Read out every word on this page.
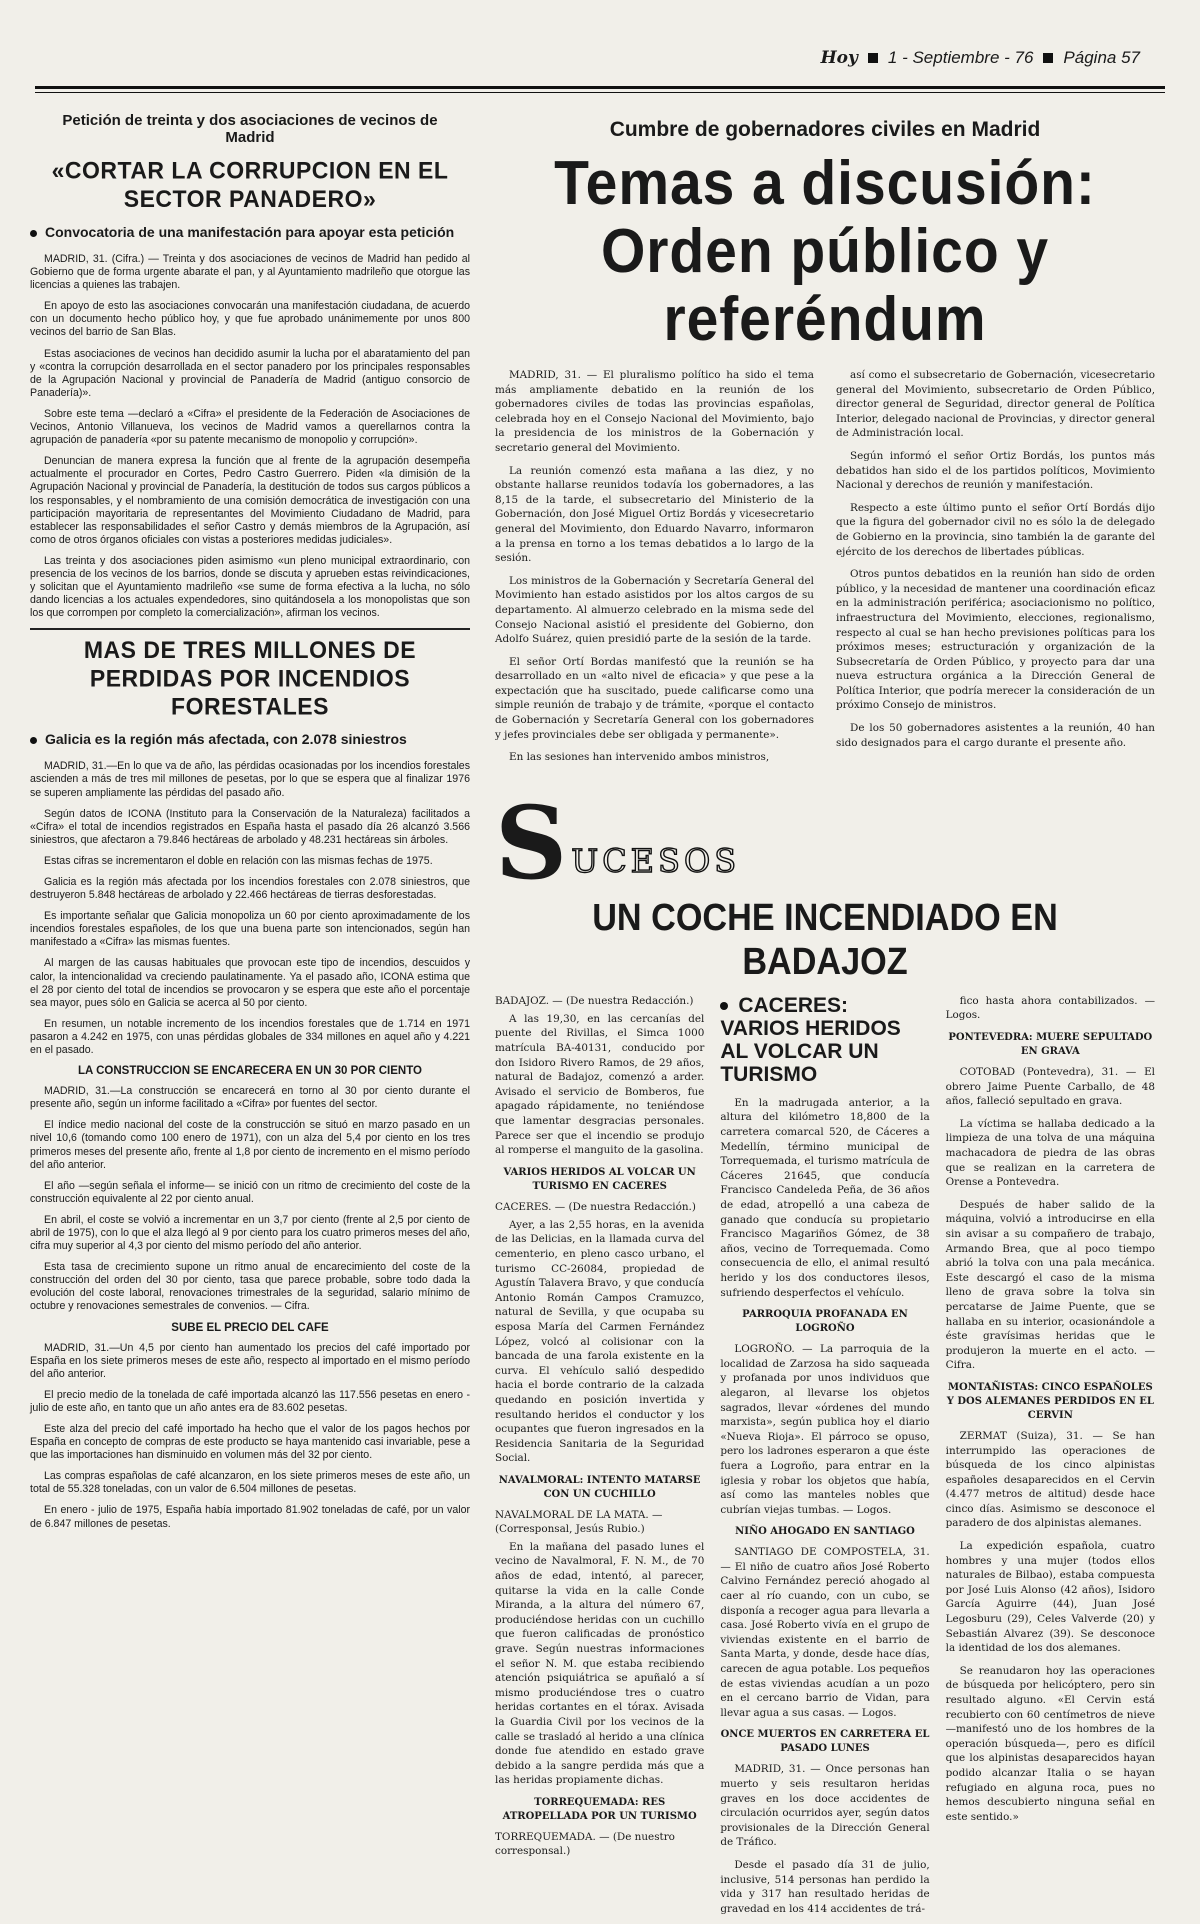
Hoy 1 - Septiembre - 76 Página 57
Petición de treinta y dos asociaciones de vecinos de Madrid
«CORTAR LA CORRUPCION EN EL SECTOR PANADERO»
Convocatoria de una manifestación para apoyar esta petición

MADRID, 31. (Cifra.) — Treinta y dos asociaciones de vecinos de Madrid han pedido al Gobierno que de forma urgente abarate el pan, y al Ayuntamiento madrileño que otorgue las licencias a quienes las trabajen.

En apoyo de esto las asociaciones convocarán una manifestación ciudadana, de acuerdo con un documento hecho público hoy, y que fue aprobado unánimemente por unos 800 vecinos del barrio de San Blas.

Estas asociaciones de vecinos han decidido asumir la lucha por el abaratamiento del pan y «contra la corrupción desarrollada en el sector panadero por los principales responsables de la Agrupación Nacional y provincial de Panadería de Madrid (antiguo consorcio de Panadería)».

Sobre este tema —declaró a «Cifra» el presidente de la Federación de Asociaciones de Vecinos, Antonio Villanueva, los vecinos de Madrid vamos a querellarnos contra la agrupación de panadería «por su patente mecanismo de monopolio y corrupción».

Denuncian de manera expresa la función que al frente de la agrupación desempeña actualmente el procurador en Cortes, Pedro Castro Guerrero. Piden «la dimisión de la Agrupación Nacional y provincial de Panadería, la destitución de todos sus cargos públicos a los responsables, y el nombramiento de una comisión democrática de investigación con una participación mayoritaria de representantes del Movimiento Ciudadano de Madrid, para establecer las responsabilidades el señor Castro y demás miembros de la Agrupación, así como de otros órganos oficiales con vistas a posteriores medidas judiciales».

Las treinta y dos asociaciones piden asimismo «un pleno municipal extraordinario, con presencia de los vecinos de los barrios, donde se discuta y aprueben estas reivindicaciones, y solicitan que el Ayuntamiento madrileño «se sume de forma efectiva a la lucha, no sólo dando licencias a los actuales expendedores, sino quitándosela a los monopolistas que son los que corrompen por completo la comercialización», afirman los vecinos.

MAS DE TRES MILLONES DE PERDIDAS POR INCENDIOS FORESTALES
Galicia es la región más afectada, con 2.078 siniestros

MADRID, 31.—En lo que va de año, las pérdidas ocasionadas por los incendios forestales ascienden a más de tres mil millones de pesetas, por lo que se espera que al finalizar 1976 se superen ampliamente las pérdidas del pasado año.

Según datos de ICONA (Instituto para la Conservación de la Naturaleza) facilitados a «Cifra» el total de incendios registrados en España hasta el pasado día 26 alcanzó 3.566 siniestros, que afectaron a 79.846 hectáreas de arbolado y 48.231 hectáreas sin árboles.

Estas cifras se incrementaron el doble en relación con las mismas fechas de 1975.

Galicia es la región más afectada por los incendios forestales con 2.078 siniestros, que destruyeron 5.848 hectáreas de arbolado y 22.466 hectáreas de tierras desforestadas.

Es importante señalar que Galicia monopoliza un 60 por ciento aproximadamente de los incendios forestales españoles, de los que una buena parte son intencionados, según han manifestado a «Cifra» las mismas fuentes.

Al margen de las causas habituales que provocan este tipo de incendios, descuidos y calor, la intencionalidad va creciendo paulatinamente. Ya el pasado año, ICONA estima que el 28 por ciento del total de incendios se provocaron y se espera que este año el porcentaje sea mayor, pues sólo en Galicia se acerca al 50 por ciento.

En resumen, un notable incremento de los incendios forestales que de 1.714 en 1971 pasaron a 4.242 en 1975, con unas pérdidas globales de 334 millones en aquel año y 4.221 en el pasado.

LA CONSTRUCCION SE ENCARECERA EN UN 30 POR CIENTO

MADRID, 31.—La construcción se encarecerá en torno al 30 por ciento durante el presente año, según un informe facilitado a «Cifra» por fuentes del sector.

El índice medio nacional del coste de la construcción se situó en marzo pasado en un nivel 10,6 (tomando como 100 enero de 1971), con un alza del 5,4 por ciento en los tres primeros meses del presente año, frente al 1,8 por ciento de incremento en el mismo período del año anterior.

El año —según señala el informe— se inició con un ritmo de crecimiento del coste de la construcción equivalente al 22 por ciento anual.

En abril, el coste se volvió a incrementar en un 3,7 por ciento (frente al 2,5 por ciento de abril de 1975), con lo que el alza llegó al 9 por ciento para los cuatro primeros meses del año, cifra muy superior al 4,3 por ciento del mismo período del año anterior.

Esta tasa de crecimiento supone un ritmo anual de encarecimiento del coste de la construcción del orden del 30 por ciento, tasa que parece probable, sobre todo dada la evolución del coste laboral, renovaciones trimestrales de la seguridad, salario mínimo de octubre y renovaciones semestrales de convenios. — Cifra.

SUBE EL PRECIO DEL CAFE

MADRID, 31.—Un 4,5 por ciento han aumentado los precios del café importado por España en los siete primeros meses de este año, respecto al importado en el mismo período del año anterior.

El precio medio de la tonelada de café importada alcanzó las 117.556 pesetas en enero - julio de este año, en tanto que un año antes era de 83.602 pesetas.

Este alza del precio del café importado ha hecho que el valor de los pagos hechos por España en concepto de compras de este producto se haya mantenido casi invariable, pese a que las importaciones han disminuido en volumen más del 32 por ciento.

Las compras españolas de café alcanzaron, en los siete primeros meses de este año, un total de 55.328 toneladas, con un valor de 6.504 millones de pesetas.

En enero - julio de 1975, España había importado 81.902 toneladas de café, por un valor de 6.847 millones de pesetas.

Cumbre de gobernadores civiles en Madrid
Temas a discusión: Orden público y referéndum

MADRID, 31. — El pluralismo político ha sido el tema más ampliamente debatido en la reunión de los gobernadores civiles de todas las provincias españolas, celebrada hoy en el Consejo Nacional del Movimiento, bajo la presidencia de los ministros de la Gobernación y secretario general del Movimiento.

La reunión comenzó esta mañana a las diez, y no obstante hallarse reunidos todavía los gobernadores, a las 8,15 de la tarde, el subsecretario del Ministerio de la Gobernación, don José Miguel Ortiz Bordás y vicesecretario general del Movimiento, don Eduardo Navarro, informaron a la prensa en torno a los temas debatidos a lo largo de la sesión.

Los ministros de la Gobernación y Secretaría General del Movimiento han estado asistidos por los altos cargos de su departamento. Al almuerzo celebrado en la misma sede del Consejo Nacional asistió el presidente del Gobierno, don Adolfo Suárez, quien presidió parte de la sesión de la tarde.

El señor Ortí Bordas manifestó que la reunión se ha desarrollado en un «alto nivel de eficacia» y que pese a la expectación que ha suscitado, puede calificarse como una simple reunión de trabajo y de trámite, «porque el contacto de Gobernación y Secretaría General con los gobernadores y jefes provinciales debe ser obligada y permanente».

En las sesiones han intervenido ambos ministros,

así como el subsecretario de Gobernación, vicesecretario general del Movimiento, subsecretario de Orden Público, director general de Seguridad, director general de Política Interior, delegado nacional de Provincias, y director general de Administración local.

Según informó el señor Ortiz Bordás, los puntos más debatidos han sido el de los partidos políticos, Movimiento Nacional y derechos de reunión y manifestación.

Respecto a este último punto el señor Ortí Bordás dijo que la figura del gobernador civil no es sólo la de delegado de Gobierno en la provincia, sino también la de garante del ejército de los derechos de libertades públicas.

Otros puntos debatidos en la reunión han sido de orden público, y la necesidad de mantener una coordinación eficaz en la administración periférica; asociacionismo no político, infraestructura del Movimiento, elecciones, regionalismo, respecto al cual se han hecho previsiones políticas para los próximos meses; estructuración y organización de la Subsecretaría de Orden Público, y proyecto para dar una nueva estructura orgánica a la Dirección General de Política Interior, que podría merecer la consideración de un próximo Consejo de ministros.

De los 50 gobernadores asistentes a la reunión, 40 han sido designados para el cargo durante el presente año.

S UCESOS
UN COCHE INCENDIADO EN BADAJOZ
BADAJOZ. — (De nuestra Redacción.)

A las 19,30, en las cercanías del puente del Rivillas, el Simca 1000 matrícula BA-40131, conducido por don Isidoro Rivero Ramos, de 29 años, natural de Badajoz, comenzó a arder. Avisado el servicio de Bomberos, fue apagado rápidamente, no teniéndose que lamentar desgracias personales. Parece ser que el incendio se produjo al romperse el manguito de la gasolina.

VARIOS HERIDOS AL VOLCAR UN TURISMO EN CACERES
CACERES. — (De nuestra Redacción.)

Ayer, a las 2,55 horas, en la avenida de las Delicias, en la llamada curva del cementerio, en pleno casco urbano, el turismo CC-26084, propiedad de Agustín Talavera Bravo, y que conducía Antonio Román Campos Cramuzco, natural de Sevilla, y que ocupaba su esposa María del Carmen Fernández López, volcó al colisionar con la bancada de una farola existente en la curva. El vehículo salió despedido hacia el borde contrario de la calzada quedando en posición invertida y resultando heridos el conductor y los ocupantes que fueron ingresados en la Residencia Sanitaria de la Seguridad Social.

NAVALMORAL: INTENTO MATARSE CON UN CUCHILLO
NAVALMORAL DE LA MATA. — (Corresponsal, Jesús Rubio.)

En la mañana del pasado lunes el vecino de Navalmoral, F. N. M., de 70 años de edad, intentó, al parecer, quitarse la vida en la calle Conde Miranda, a la altura del número 67, produciéndose heridas con un cuchillo que fueron calificadas de pronóstico grave. Según nuestras informaciones el señor N. M. que estaba recibiendo atención psiquiátrica se apuñaló a sí mismo produciéndose tres o cuatro heridas cortantes en el tórax. Avisada la Guardia Civil por los vecinos de la calle se trasladó al herido a una clínica donde fue atendido en estado grave debido a la sangre perdida más que a las heridas propiamente dichas.

TORREQUEMADA: RES ATROPELLADA POR UN TURISMO
TORREQUEMADA. — (De nuestro corresponsal.)
CACERES: VARIOS HERIDOS AL VOLCAR UN TURISMO

En la madrugada anterior, a la altura del kilómetro 18,800 de la carretera comarcal 520, de Cáceres a Medellín, término municipal de Torrequemada, el turismo matrícula de Cáceres 21645, que conducía Francisco Candeleda Peña, de 36 años de edad, atropelló a una cabeza de ganado que conducía su propietario Francisco Magariños Gómez, de 38 años, vecino de Torrequemada. Como consecuencia de ello, el animal resultó herido y los dos conductores ilesos, sufriendo desperfectos el vehículo.

PARROQUIA PROFANADA EN LOGROÑO

LOGROÑO. — La parroquia de la localidad de Zarzosa ha sido saqueada y profanada por unos individuos que alegaron, al llevarse los objetos sagrados, llevar «órdenes del mundo marxista», según publica hoy el diario «Nueva Rioja». El párroco se opuso, pero los ladrones esperaron a que éste fuera a Logroño, para entrar en la iglesia y robar los objetos que había, así como las manteles nobles que cubrían viejas tumbas. — Logos.

NIÑO AHOGADO EN SANTIAGO

SANTIAGO DE COMPOSTELA, 31. — El niño de cuatro años José Roberto Calvino Fernández pereció ahogado al caer al río cuando, con un cubo, se disponía a recoger agua para llevarla a casa. José Roberto vivía en el grupo de viviendas existente en el barrio de Santa Marta, y donde, desde hace días, carecen de agua potable. Los pequeños de estas viviendas acudían a un pozo en el cercano barrio de Vidan, para llevar agua a sus casas. — Logos.

ONCE MUERTOS EN CARRETERA EL PASADO LUNES

MADRID, 31. — Once personas han muerto y seis resultaron heridas graves en los doce accidentes de circulación ocurridos ayer, según datos provisionales de la Dirección General de Tráfico.

Desde el pasado día 31 de julio, inclusive, 514 personas han perdido la vida y 317 han resultado heridas de gravedad en los 414 accidentes de trá-

fico hasta ahora contabilizados. — Logos.

PONTEVEDRA: MUERE SEPULTADO EN GRAVA

COTOBAD (Pontevedra), 31. — El obrero Jaime Puente Carballo, de 48 años, falleció sepultado en grava.

La víctima se hallaba dedicado a la limpieza de una tolva de una máquina machacadora de piedra de las obras que se realizan en la carretera de Orense a Pontevedra.

Después de haber salido de la máquina, volvió a introducirse en ella sin avisar a su compañero de trabajo, Armando Brea, que al poco tiempo abrió la tolva con una pala mecánica. Este descargó el caso de la misma lleno de grava sobre la tolva sin percatarse de Jaime Puente, que se hallaba en su interior, ocasionándole a éste gravísimas heridas que le produjeron la muerte en el acto. — Cifra.

MONTAÑISTAS: CINCO ESPAÑOLES Y DOS ALEMANES PERDIDOS EN EL CERVIN

ZERMAT (Suiza), 31. — Se han interrumpido las operaciones de búsqueda de los cinco alpinistas españoles desaparecidos en el Cervin (4.477 metros de altitud) desde hace cinco días. Asimismo se desconoce el paradero de dos alpinistas alemanes.

La expedición española, cuatro hombres y una mujer (todos ellos naturales de Bilbao), estaba compuesta por José Luis Alonso (42 años), Isidoro García Aguirre (44), Juan José Legosburu (29), Celes Valverde (20) y Sebastián Alvarez (39). Se desconoce la identidad de los dos alemanes.

Se reanudaron hoy las operaciones de búsqueda por helicóptero, pero sin resultado alguno. «El Cervin está recubierto con 60 centímetros de nieve —manifestó uno de los hombres de la operación búsqueda—, pero es difícil que los alpinistas desaparecidos hayan podido alcanzar Italia o se hayan refugiado en alguna roca, pues no hemos descubierto ninguna señal en este sentido.»
